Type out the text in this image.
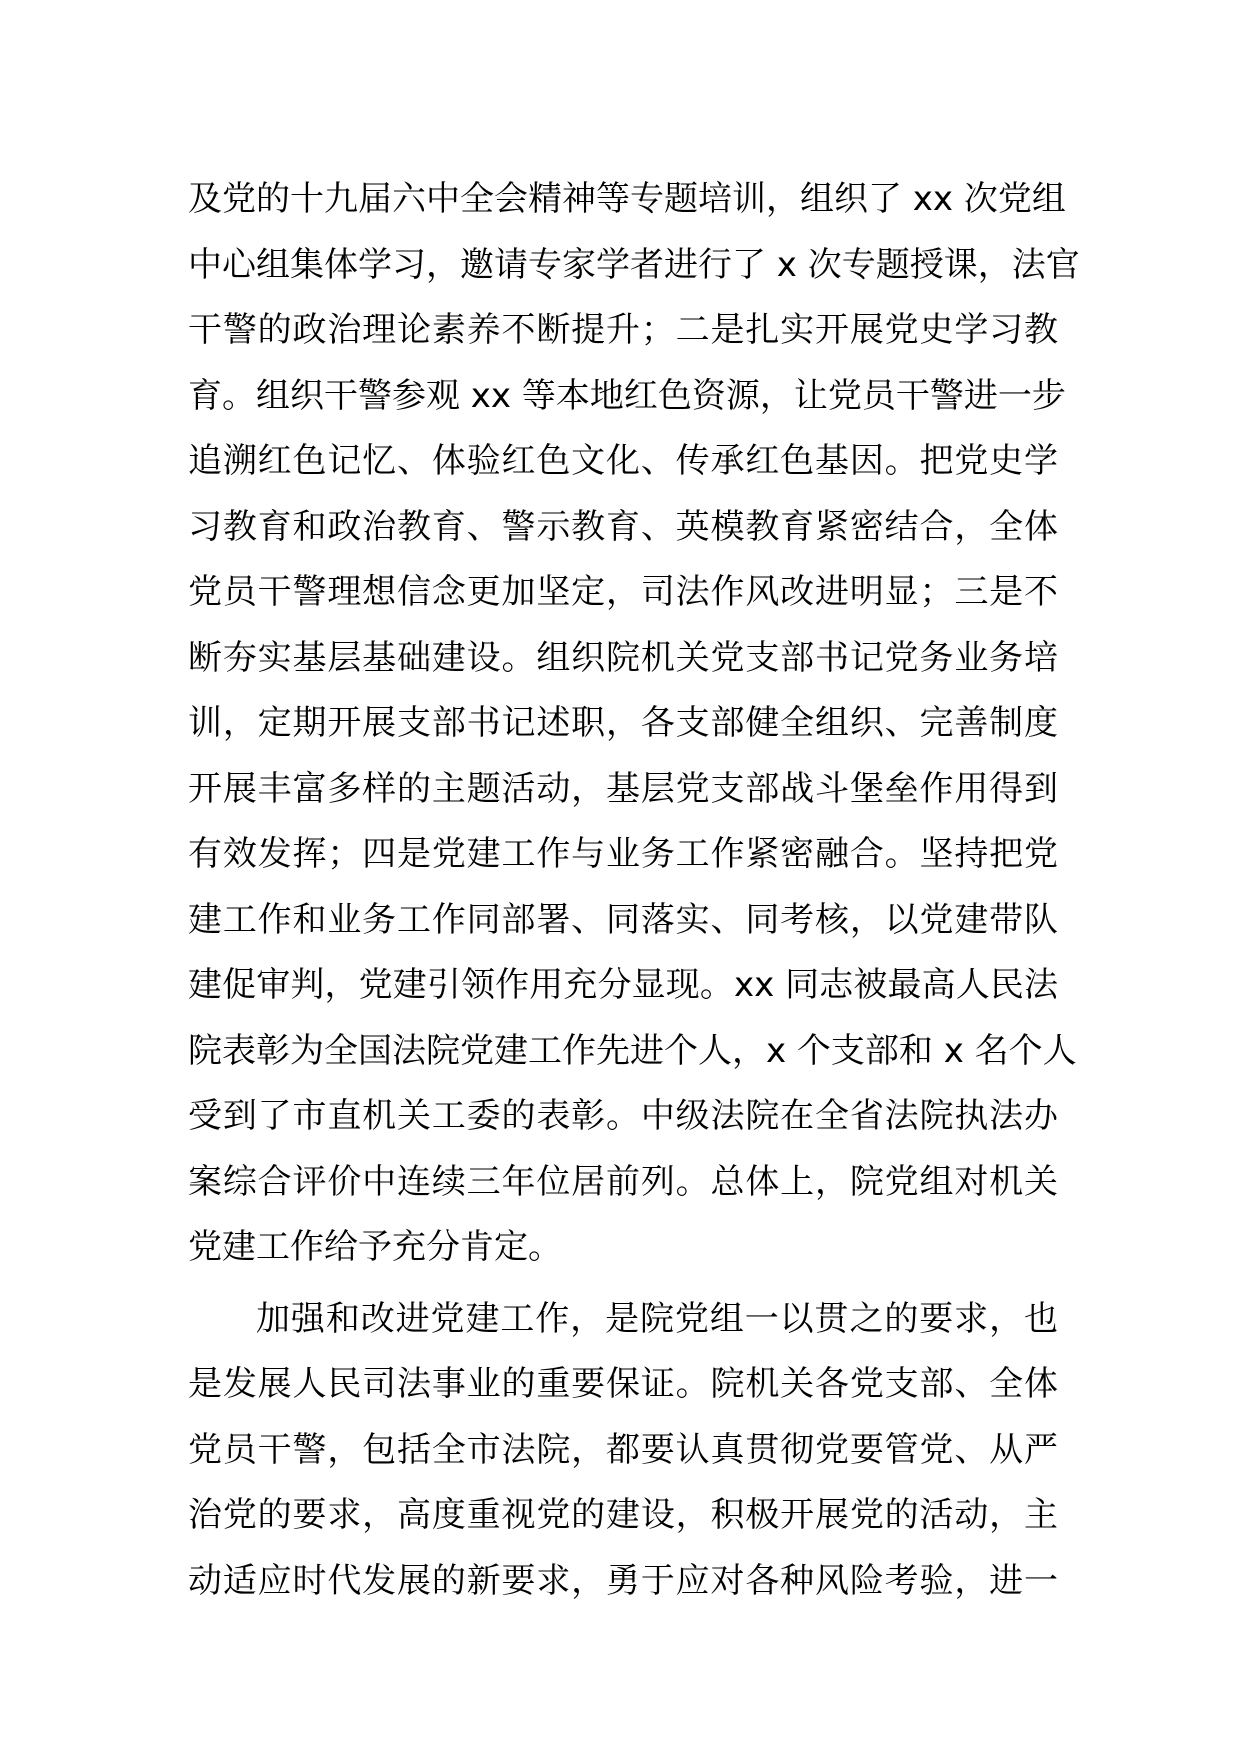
及党的十九届六中全会精神等专题培训，组织了 xx 次党组
中心组集体学习，邀请专家学者进行了 x 次专题授课，法官
干警的政治理论素养不断提升；二是扎实开展党史学习教
育。组织干警参观 xx 等本地红色资源，让党员干警进一步
追溯红色记忆、体验红色文化、传承红色基因。把党史学
习教育和政治教育、警示教育、英模教育紧密结合，全体
党员干警理想信念更加坚定，司法作风改进明显；三是不
断夯实基层基础建设。组织院机关党支部书记党务业务培
训，定期开展支部书记述职，各支部健全组织、完善制度
开展丰富多样的主题活动，基层党支部战斗堡垒作用得到
有效发挥；四是党建工作与业务工作紧密融合。坚持把党
建工作和业务工作同部署、同落实、同考核，以党建带队
建促审判，党建引领作用充分显现。xx 同志被最高人民法
院表彰为全国法院党建工作先进个人，x 个支部和 x 名个人
受到了市直机关工委的表彰。中级法院在全省法院执法办
案综合评价中连续三年位居前列。总体上，院党组对机关
党建工作给予充分肯定。
加强和改进党建工作，是院党组一以贯之的要求，也
是发展人民司法事业的重要保证。院机关各党支部、全体
党员干警，包括全市法院，都要认真贯彻党要管党、从严
治党的要求，高度重视党的建设，积极开展党的活动，主
动适应时代发展的新要求，勇于应对各种风险考验，进一
